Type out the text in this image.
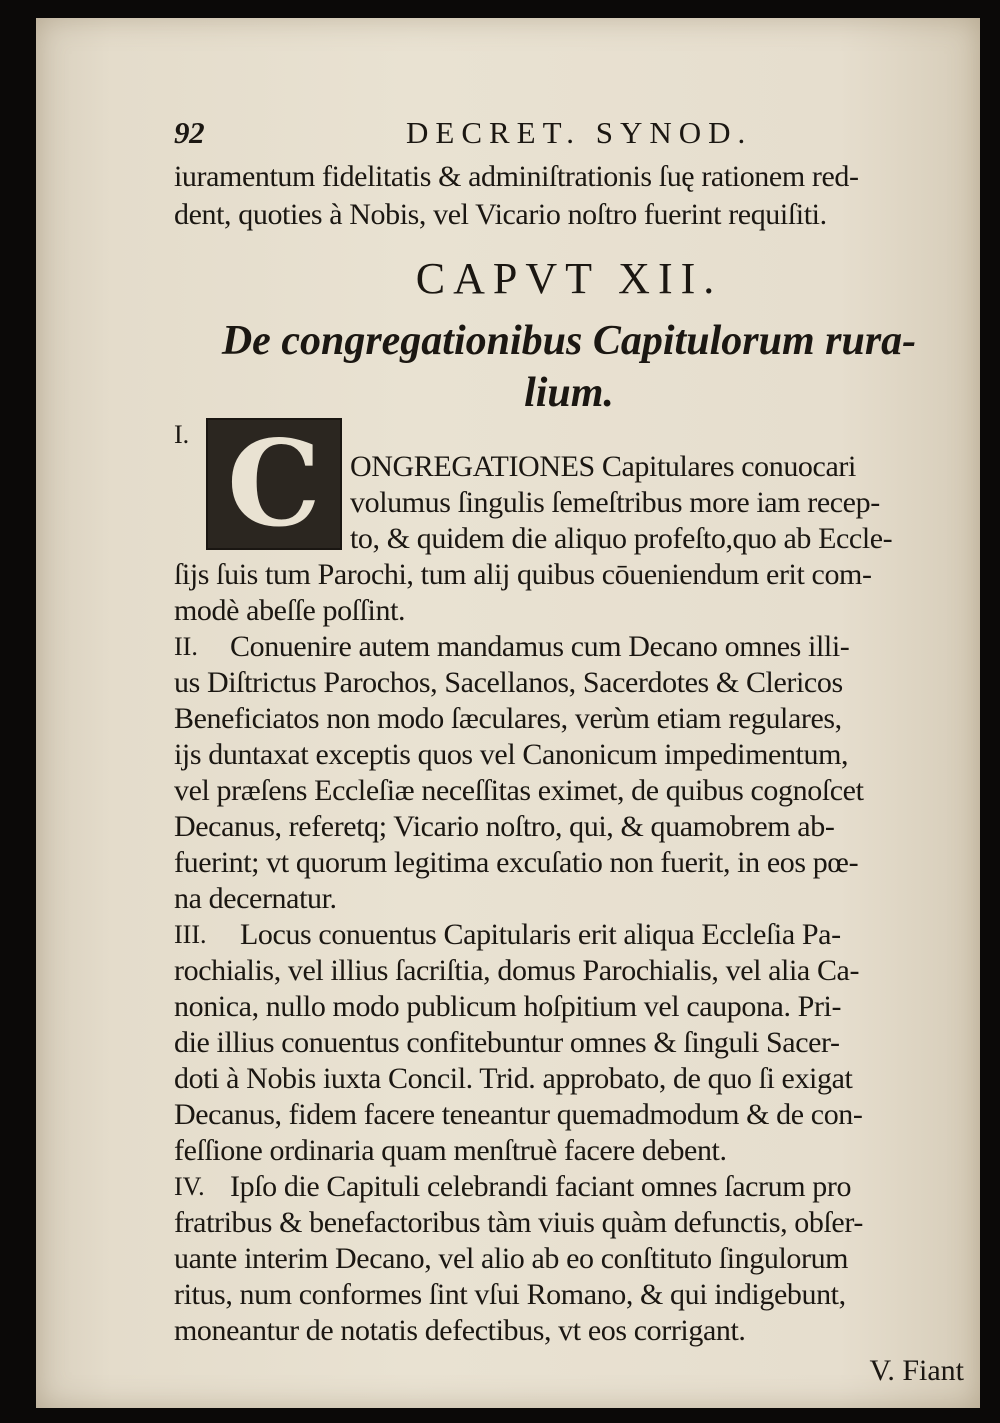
92	DECRET. SYNOD.
iuramentum fidelitatis & adminiſtrationis ſuę rationem red-
dent, quoties à Nobis, vel Vicario noſtro fuerint requiſiti.
CAPVT XII.
De congregationibus Capitulorum rura-
lium.
I. C ONGREGATIONES Capitulares conuocari
volumus ſingulis ſemeſtribus more iam recep-
to, & quidem die aliquo profeſto,quo ab Eccle-
ſijs ſuis tum Parochi, tum alij quibus cōueniendum erit com-
modè abeſſe poſſint.
II. Conuenire autem mandamus cum Decano omnes illi-
us Diſtrictus Parochos, Sacellanos, Sacerdotes & Clericos
Beneficiatos non modo ſæculares, verùm etiam regulares,
ijs duntaxat exceptis quos vel Canonicum impedimentum,
vel præſens Eccleſiæ neceſſitas eximet, de quibus cognoſcet
Decanus, referetq; Vicario noſtro, qui, & quamobrem ab-
fuerint; vt quorum legitima excuſatio non fuerit, in eos pœ-
na decernatur.
III. Locus conuentus Capitularis erit aliqua Eccleſia Pa-
rochialis, vel illius ſacriſtia, domus Parochialis, vel alia Ca-
nonica, nullo modo publicum hoſpitium vel caupona. Pri-
die illius conuentus confitebuntur omnes & ſinguli Sacer-
doti à Nobis iuxta Concil. Trid. approbato, de quo ſi exigat
Decanus, fidem facere teneantur quemadmodum & de con-
feſſione ordinaria quam menſtruè facere debent.
IV. Ipſo die Capituli celebrandi faciant omnes ſacrum pro
fratribus & benefactoribus tàm viuis quàm defunctis, obſer-
uante interim Decano, vel alio ab eo conſtituto ſingulorum
ritus, num conformes ſint vſui Romano, & qui indigebunt,
moneantur de notatis defectibus, vt eos corrigant.
V. Fiant
